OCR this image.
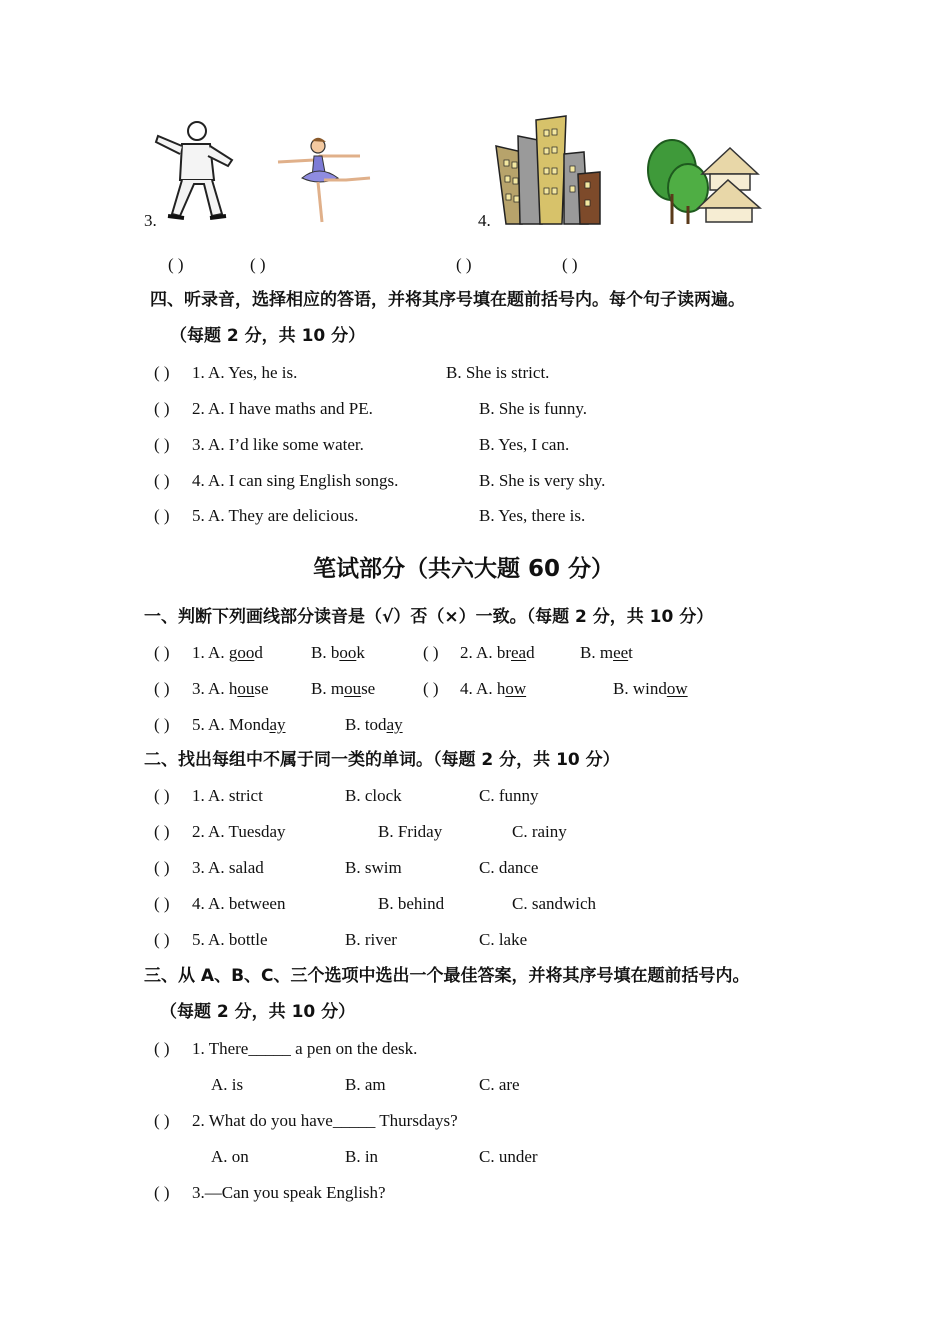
3.	4.
( )	( )	( )	( )
四、听录音，选择相应的答语，并将其序号填在题前括号内。每个句子读两遍。
（每题 2 分，共 10 分）
( ) 1. A. Yes, he is.	B. She is strict.
( ) 2. A. I have maths and PE.	B. She is funny.
( ) 3. A. I’d like some water.	B. Yes, I can.
( ) 4. A. I can sing English songs.	B. She is very shy.
( ) 5. A. They are delicious.	B. Yes, there is.
笔试部分（共六大题 60 分）
一、判断下列画线部分读音是（√）否（×）一致。（每题 2 分，共 10 分）
( ) 1. A. good	B. book	( ) 2. A. bread	B. meet
( ) 3. A. house B. mouse	( ) 4. A. how	B. window
( ) 5. A. Monday	B. today
二、找出每组中不属于同一类的单词。（每题 2 分，共 10 分）
( ) 1. A. strict	B. clock	C. funny
( ) 2. A. Tuesday	B. Friday	C. rainy
( ) 3. A. salad	B. swim	C. dance
( ) 4. A. between	B. behind	C. sandwich
( ) 5. A. bottle	B. river	C. lake
三、从 A、B、C、三个选项中选出一个最佳答案，并将其序号填在题前括号内。
（每题 2 分，共 10 分）
( ) 1. There_____ a pen on the desk.
A. is	B. am	C. are
( ) 2. What do you have_____ Thursdays?
A. on	B. in	C. under
( ) 3.—Can you speak English?
